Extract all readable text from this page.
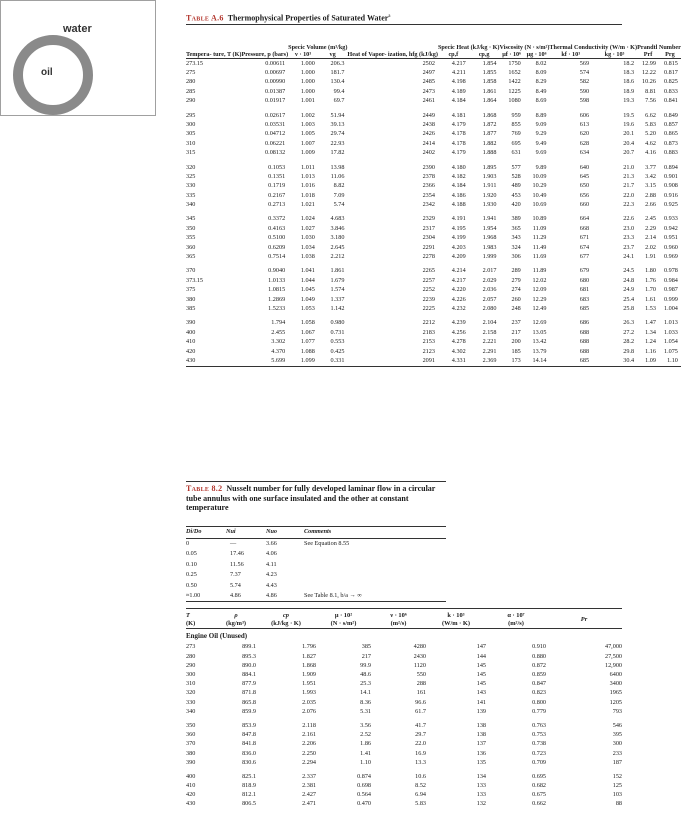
water
oil
Table A.6 Thermophysical Properties of Saturated Water$^a$
Tempera- ture, T (K)	Pressure, p (bars)	Specic Volume (m³/kg)		Heat of Vapor- ization, hfg (kJ/kg)	Specic Heat (kJ/kg · K)		Viscosity (N · s/m²)		Thermal Conductivity (W/m · K)		Prandtl Number	
		v · 10³	vg		cp,f	cp,g	μf · 10⁶	μg · 10⁶	kf · 10³	kg · 10³	Prf	Prg
273.15	0.00611	1.000	206.3	2502	4.217	1.854	1750	8.02	569	18.2	12.99	0.815
275	0.00697	1.000	181.7	2497	4.211	1.855	1652	8.09	574	18.3	12.22	0.817
280	0.00990	1.000	130.4	2485	4.198	1.858	1422	8.29	582	18.6	10.26	0.825
285	0.01387	1.000	99.4	2473	4.189	1.861	1225	8.49	590	18.9	8.81	0.833
290	0.01917	1.001	69.7	2461	4.184	1.864	1080	8.69	598	19.3	7.56	0.841

295	0.02617	1.002	51.94	2449	4.181	1.868	959	8.89	606	19.5	6.62	0.849
300	0.03531	1.003	39.13	2438	4.179	1.872	855	9.09	613	19.6	5.83	0.857
305	0.04712	1.005	29.74	2426	4.178	1.877	769	9.29	620	20.1	5.20	0.865
310	0.06221	1.007	22.93	2414	4.178	1.882	695	9.49	628	20.4	4.62	0.873
315	0.08132	1.009	17.82	2402	4.179	1.888	631	9.69	634	20.7	4.16	0.883

320	0.1053	1.011	13.98	2390	4.180	1.895	577	9.89	640	21.0	3.77	0.894
325	0.1351	1.013	11.06	2378	4.182	1.903	528	10.09	645	21.3	3.42	0.901
330	0.1719	1.016	8.82	2366	4.184	1.911	489	10.29	650	21.7	3.15	0.908
335	0.2167	1.018	7.09	2354	4.186	1.920	453	10.49	656	22.0	2.88	0.916
340	0.2713	1.021	5.74	2342	4.188	1.930	420	10.69	660	22.3	2.66	0.925

345	0.3372	1.024	4.683	2329	4.191	1.941	389	10.89	664	22.6	2.45	0.933
350	0.4163	1.027	3.846	2317	4.195	1.954	365	11.09	668	23.0	2.29	0.942
355	0.5100	1.030	3.180	2304	4.199	1.968	343	11.29	671	23.3	2.14	0.951
360	0.6209	1.034	2.645	2291	4.203	1.983	324	11.49	674	23.7	2.02	0.960
365	0.7514	1.038	2.212	2278	4.209	1.999	306	11.69	677	24.1	1.91	0.969

370	0.9040	1.041	1.861	2265	4.214	2.017	289	11.89	679	24.5	1.80	0.978
373.15	1.0133	1.044	1.679	2257	4.217	2.029	279	12.02	680	24.8	1.76	0.984
375	1.0815	1.045	1.574	2252	4.220	2.036	274	12.09	681	24.9	1.70	0.987
380	1.2869	1.049	1.337	2239	4.226	2.057	260	12.29	683	25.4	1.61	0.999
385	1.5233	1.053	1.142	2225	4.232	2.080	248	12.49	685	25.8	1.53	1.004

390	1.794	1.058	0.980	2212	4.239	2.104	237	12.69	686	26.3	1.47	1.013
400	2.455	1.067	0.731	2183	4.256	2.158	217	13.05	688	27.2	1.34	1.033
410	3.302	1.077	0.553	2153	4.278	2.221	200	13.42	688	28.2	1.24	1.054
420	4.370	1.088	0.425	2123	4.302	2.291	185	13.79	688	29.8	1.16	1.075
430	5.699	1.099	0.331	2091	4.331	2.369	173	14.14	685	30.4	1.09	1.10
Table 8.2 Nusselt number for fully developed laminar flow in a circular tube annulus with one surface insulated and the other at constant temperature
Di/Do	Nui	Nuo	Comments
0	—	3.66	See Equation 8.55
0.05	17.46	4.06	
0.10	11.56	4.11	
0.25	7.37	4.23	
0.50	5.74	4.43	
≈1.00	4.86	4.86	See Table 8.1, b/a → ∞
T	ρ	cp	μ · 10²	ν · 10⁶	k · 10³	α · 10⁷	Pr
(K)	(kg/m³)	(kJ/kg · K)	(N · s/m²)	(m²/s)	(W/m · K)	(m²/s)	
Engine Oil (Unused)							
273	899.1	1.796	385	4280	147	0.910	47,000
280	895.3	1.827	217	2430	144	0.880	27,500
290	890.0	1.868	99.9	1120	145	0.872	12,900
300	884.1	1.909	48.6	550	145	0.859	6400
310	877.9	1.951	25.3	288	145	0.847	3400
320	871.8	1.993	14.1	161	143	0.823	1965
330	865.8	2.035	8.36	96.6	141	0.800	1205
340	859.9	2.076	5.31	61.7	139	0.779	793

350	853.9	2.118	3.56	41.7	138	0.763	546
360	847.8	2.161	2.52	29.7	138	0.753	395
370	841.8	2.206	1.86	22.0	137	0.738	300
380	836.0	2.250	1.41	16.9	136	0.723	233
390	830.6	2.294	1.10	13.3	135	0.709	187

400	825.1	2.337	0.874	10.6	134	0.695	152
410	818.9	2.381	0.698	8.52	133	0.682	125
420	812.1	2.427	0.564	6.94	133	0.675	103
430	806.5	2.471	0.470	5.83	132	0.662	88
